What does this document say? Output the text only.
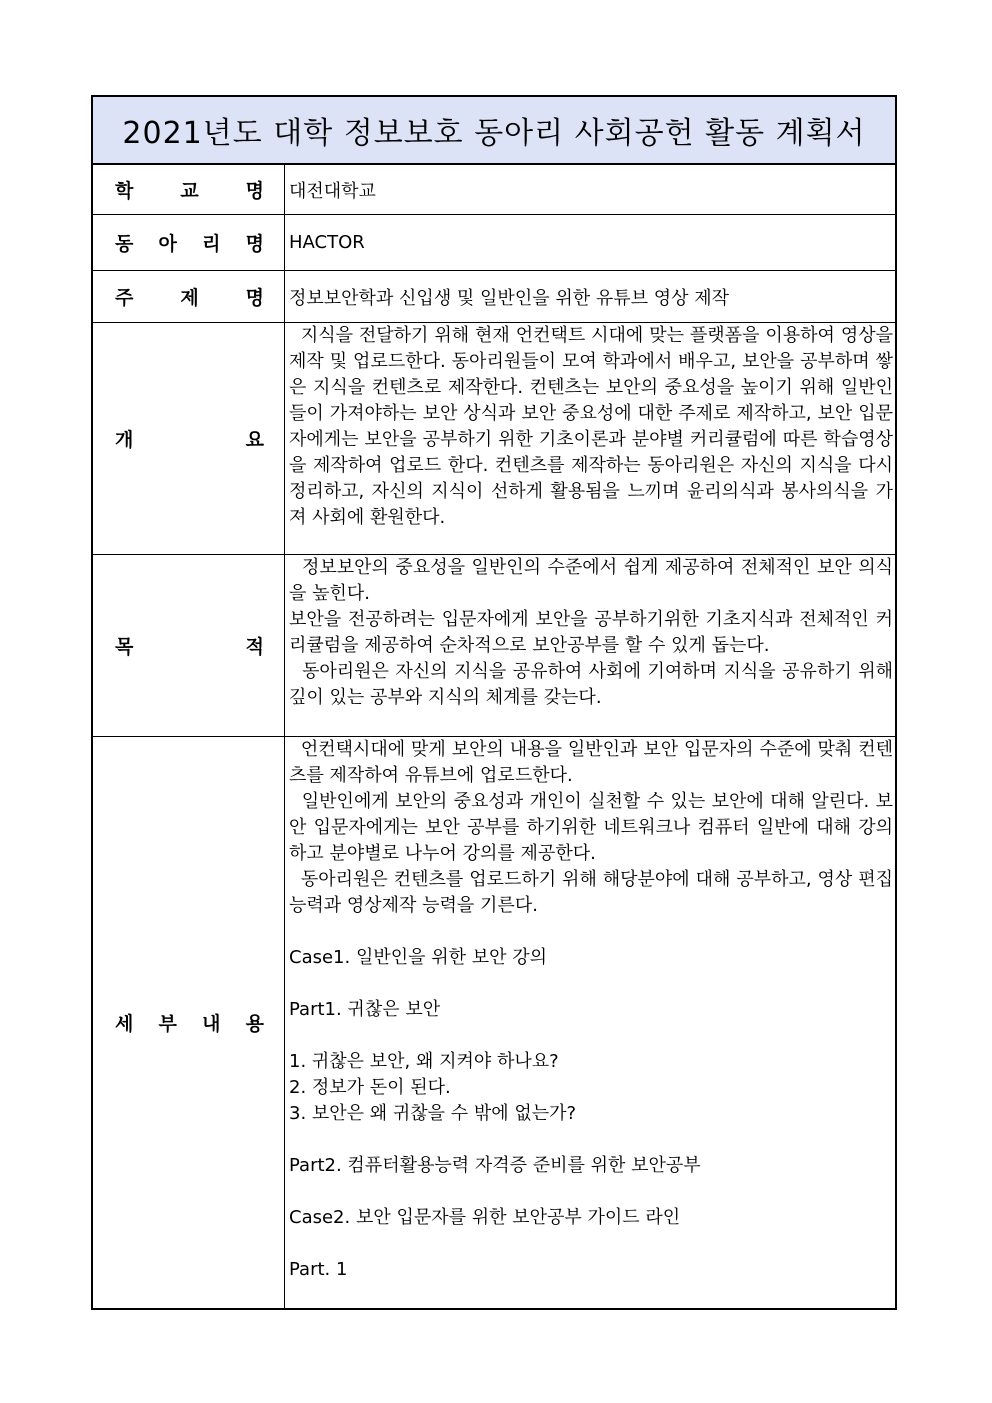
2021년도 대학 정보보호 동아리 사회공헌 활동 계획서
학 교 명 대전대학교
동 아 리 명 HACTOR
주 제 명 정보보안학과 신입생 및 일반인을 위한 유튜브 영상 제작
개	요

지식을 전달하기 위해 현재 언컨택트 시대에 맞는 플랫폼을 이용하여 영상을 제작 및 업로드한다. 동아리원들이 모여 학과에서 배우고, 보안을 공부하며 쌓은 지식을 컨텐츠로 제작한다. 컨텐츠는 보안의 중요성을 높이기 위해 일반인들이 가져야하는 보안 상식과 보안 중요성에 대한 주제로 제작하고, 보안 입문자에게는 보안을 공부하기 위한 기초이론과 분야별 커리큘럼에 따른 학습영상을 제작하여 업로드 한다. 컨텐츠를 제작하는 동아리원은 자신의 지식을 다시 정리하고, 자신의 지식이 선하게 활용됨을 느끼며 윤리의식과 봉사의식을 가져 사회에 환원한다.

목	적

정보보안의 중요성을 일반인의 수준에서 쉽게 제공하여 전체적인 보안 의식을 높힌다.

보안을 전공하려는 입문자에게 보안을 공부하기위한 기초지식과 전체적인 커리큘럼을 제공하여 순차적으로 보안공부를 할 수 있게 돕는다.

동아리원은 자신의 지식을 공유하여 사회에 기여하며 지식을 공유하기 위해 깊이 있는 공부와 지식의 체계를 갖는다.

세 부 내 용

언컨택시대에 맞게 보안의 내용을 일반인과 보안 입문자의 수준에 맞춰 컨텐츠를 제작하여 유튜브에 업로드한다.

일반인에게 보안의 중요성과 개인이 실천할 수 있는 보안에 대해 알린다. 보안 입문자에게는 보안 공부를 하기위한 네트워크나 컴퓨터 일반에 대해 강의하고 분야별로 나누어 강의를 제공한다.

동아리원은 컨텐츠를 업로드하기 위해 해당분야에 대해 공부하고, 영상 편집 능력과 영상제작 능력을 기른다.

Case1. 일반인을 위한 보안 강의

Part1. 귀찮은 보안

1. 귀찮은 보안, 왜 지켜야 하나요?

2. 정보가 돈이 된다.

3. 보안은 왜 귀찮을 수 밖에 없는가?

Part2. 컴퓨터활용능력 자격증 준비를 위한 보안공부

Case2. 보안 입문자를 위한 보안공부 가이드 라인

Part. 1
